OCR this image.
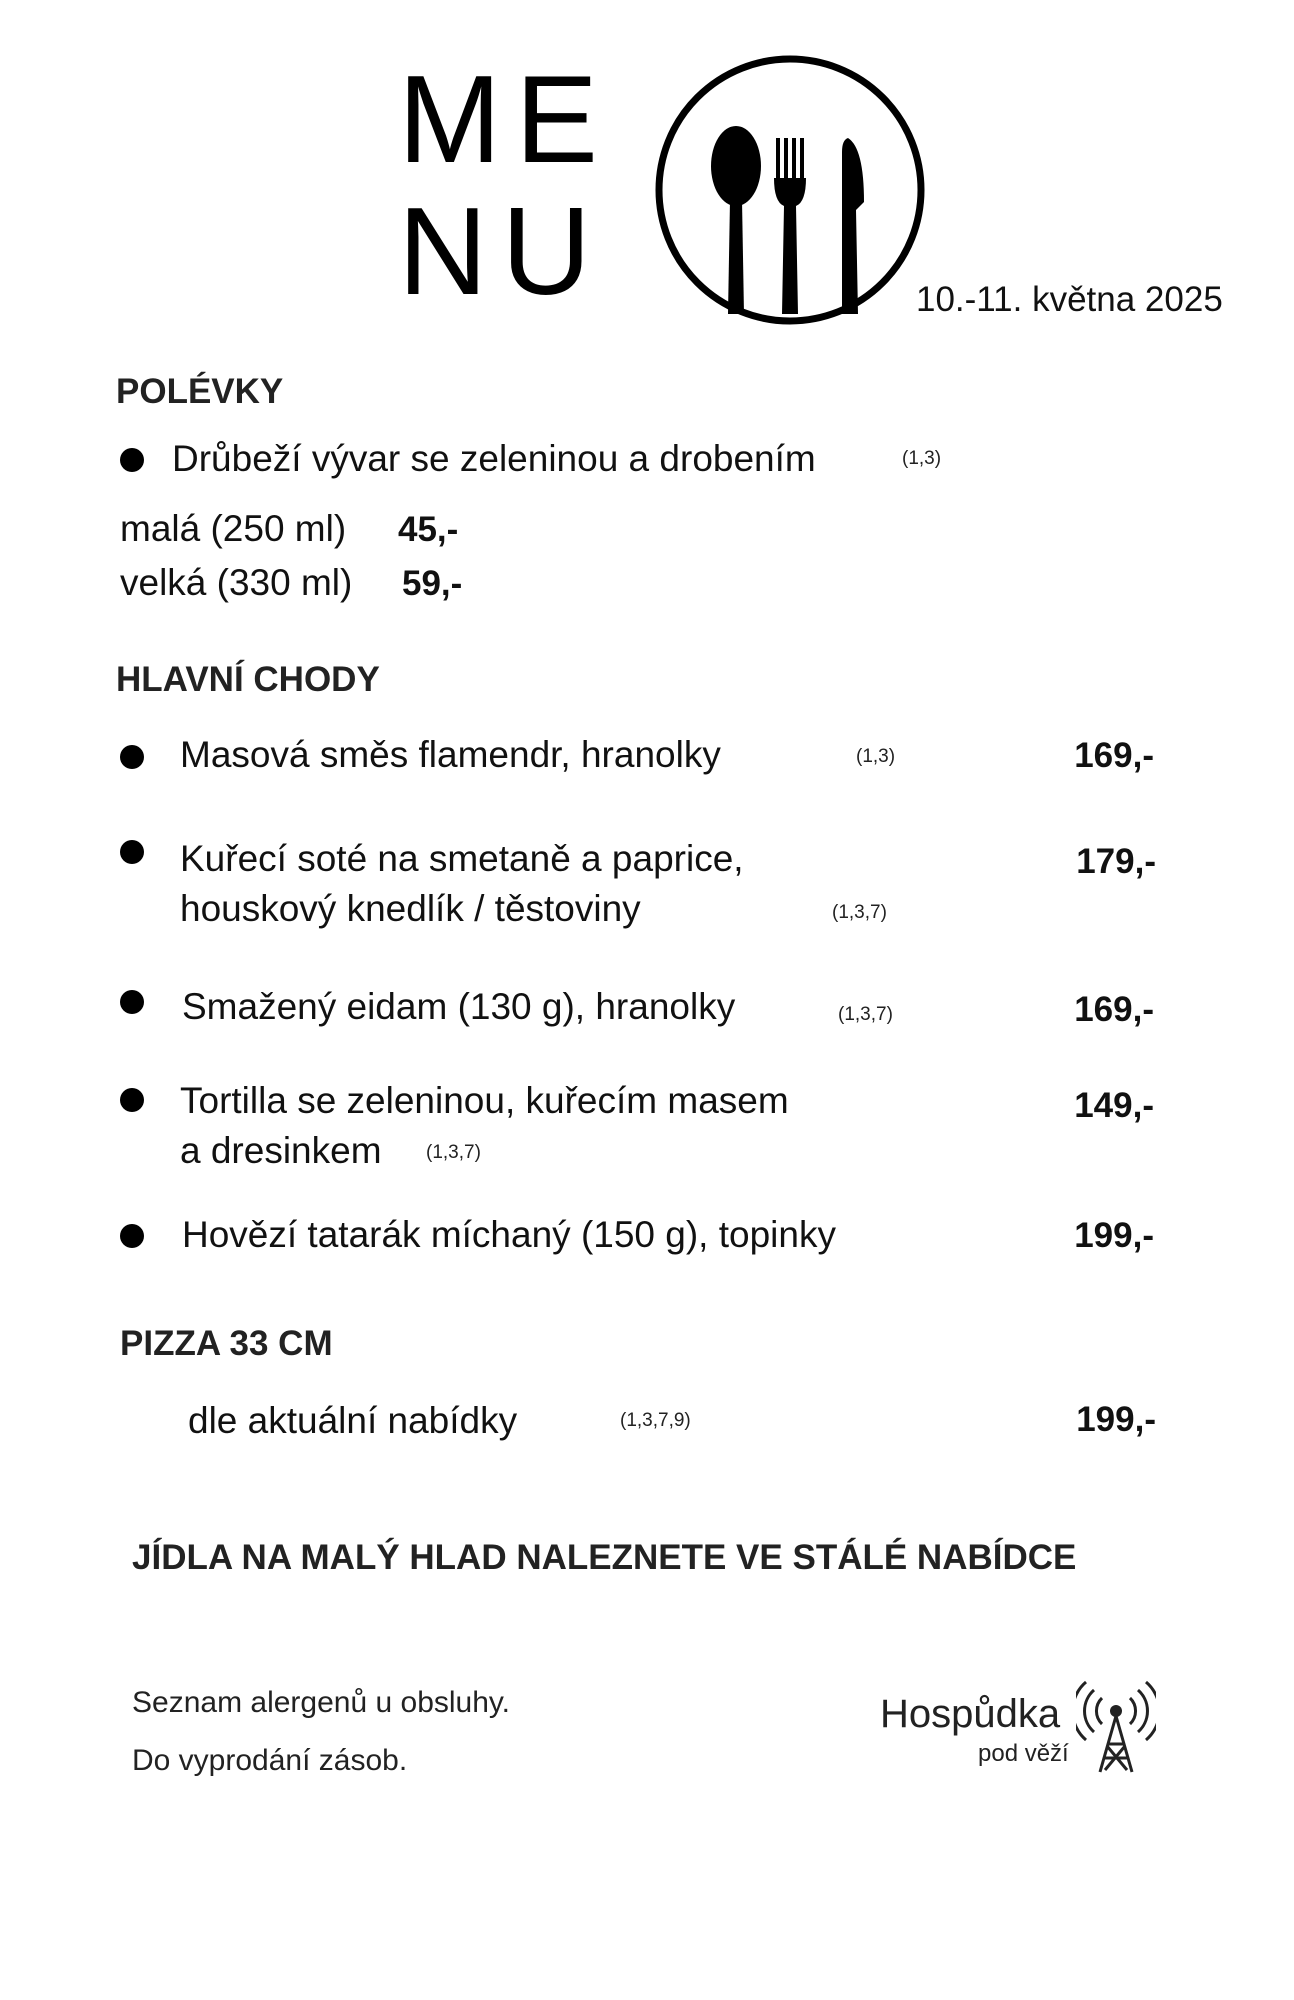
ME
NU	10.-11. května 2025
POLÉVKY
Drůbeží vývar se zeleninou a drobením	(1,3)
malá (250 ml) 45,-
velká (330 ml) 59,-
HLAVNÍ CHODY
Masová směs flamendr, hranolky	(1,3)	169,-
Kuřecí soté na smetaně a paprice,
houskový knedlík / těstoviny	(1,3,7)
179,-
Smažený eidam (130 g), hranolky	(1,3,7)	169,-
Tortilla se zeleninou, kuřecím masem
a dresinkem (1,3,7)
149,-
Hovězí tatarák míchaný (150 g), topinky	199,-
PIZZA 33 CM
dle aktuální nabídky	(1,3,7,9)	199,-
JÍDLA NA MALÝ HLAD NALEZNETE VE STÁLÉ NABÍDCE
Seznam alergenů u obsluhy.
Do vyprodání zásob.
Hospůdka
pod věží
